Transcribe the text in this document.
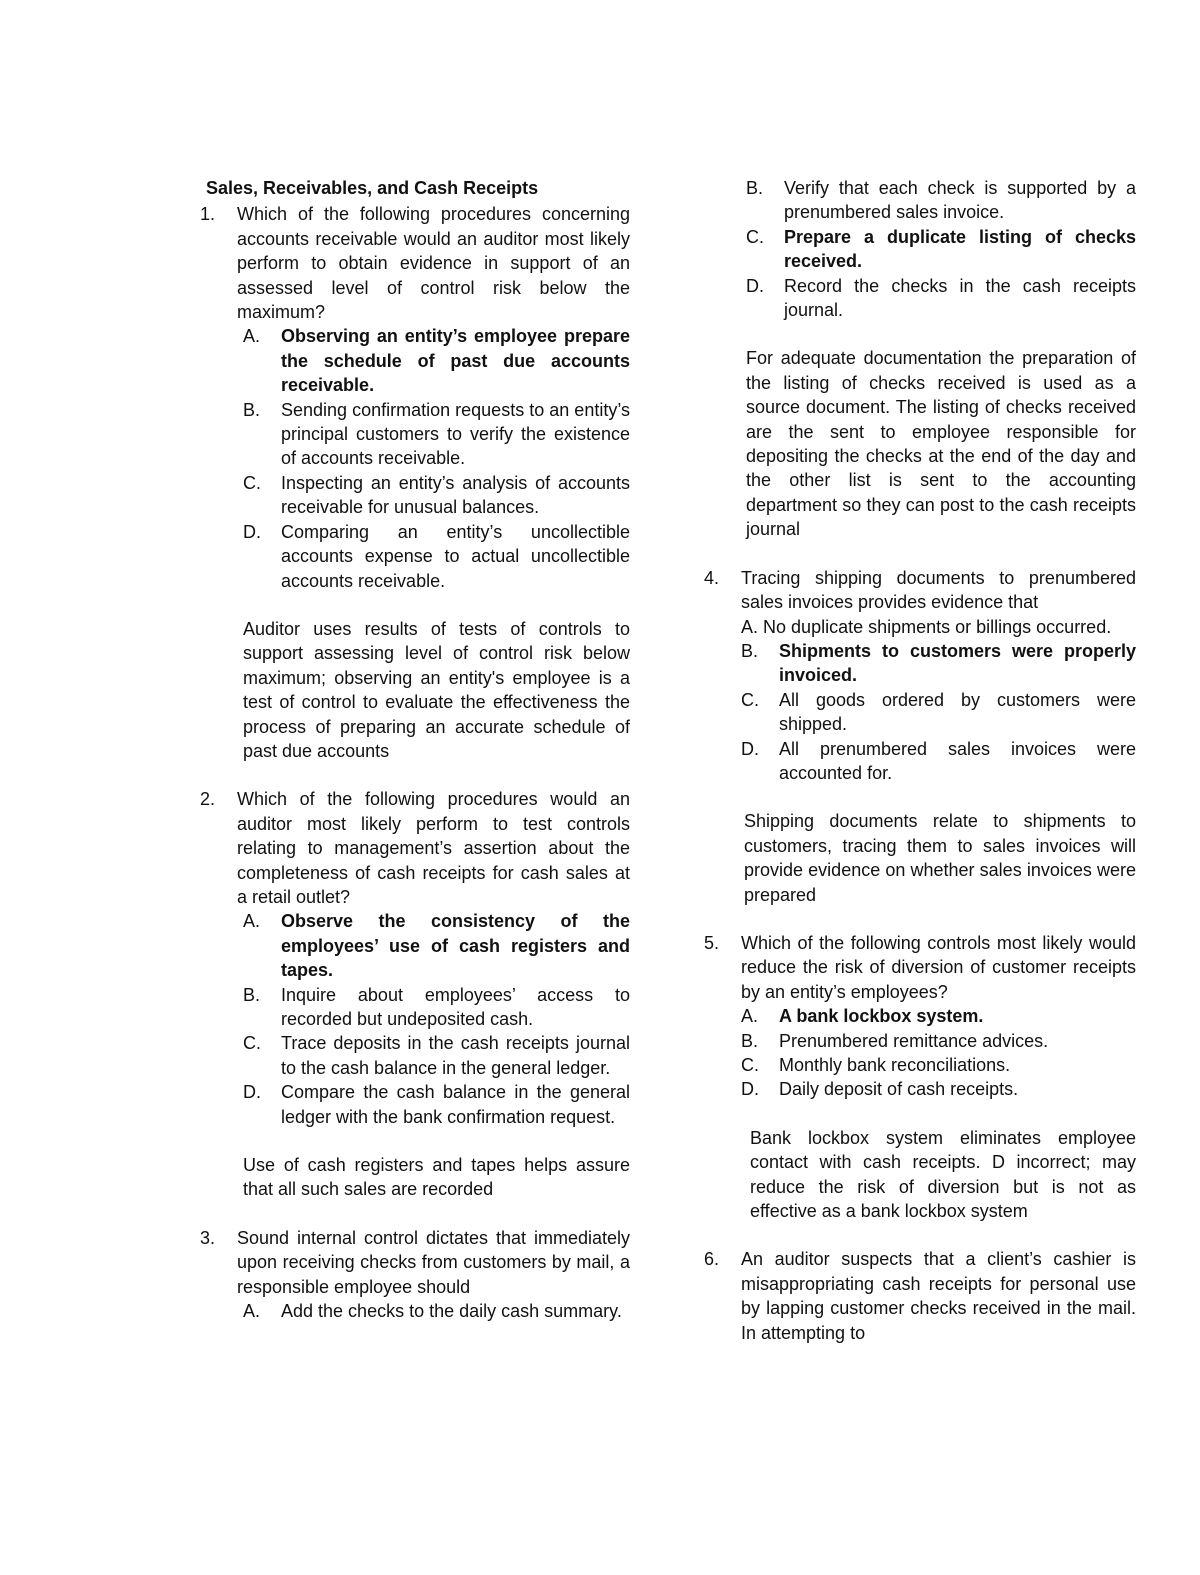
Sales, Receivables, and Cash Receipts
1.	Which of the following procedures concerning accounts receivable would an auditor most likely perform to obtain evidence in support of an assessed level of control risk below the maximum?

A.	Observing an entity’s employee prepare the schedule of past due accounts receivable.
B.	Sending confirmation requests to an entity’s principal customers to verify the existence of accounts receivable.
C.	Inspecting an entity’s analysis of accounts receivable for unusual balances.
D.	Comparing an entity’s uncollectible accounts expense to actual uncollectible accounts receivable.

Auditor uses results of tests of controls to support assessing level of control risk below maximum; observing an entity's employee is a test of control to evaluate the effectiveness the process of preparing an accurate schedule of past due accounts

2.	Which of the following procedures would an auditor most likely perform to test controls relating to management’s assertion about the completeness of cash receipts for cash sales at a retail outlet?

A.	Observe the consistency of the employees’ use of cash registers and tapes.
B.	Inquire about employees’ access to recorded but undeposited cash.
C.	Trace deposits in the cash receipts journal to the cash balance in the general ledger.
D.	Compare the cash balance in the general ledger with the bank confirmation request.

Use of cash registers and tapes helps assure that all such sales are recorded

3.	Sound internal control dictates that immediately upon receiving checks from customers by mail, a responsible employee should

A.	Add the checks to the daily cash summary.
B.	Verify that each check is supported by a prenumbered sales invoice.
C.	Prepare a duplicate listing of checks received.
D.	Record the checks in the cash receipts journal.

For adequate documentation the preparation of the listing of checks received is used as a source document. The listing of checks received are the sent to employee responsible for depositing the checks at the end of the day and the other list is sent to the accounting department so they can post to the cash receipts journal

4.	Tracing shipping documents to prenumbered sales invoices provides evidence that

A. No duplicate shipments or billings occurred.
B.	Shipments to customers were properly invoiced.
C.	All goods ordered by customers were shipped.
D.	All prenumbered sales invoices were accounted for.

Shipping documents relate to shipments to customers, tracing them to sales invoices will provide evidence on whether sales invoices were prepared

5.	Which of the following controls most likely would reduce the risk of diversion of customer receipts by an entity’s employees?

A.	A bank lockbox system.
B.	Prenumbered remittance advices.
C.	Monthly bank reconciliations.
D.	Daily deposit of cash receipts.

Bank lockbox system eliminates employee contact with cash receipts. D incorrect; may reduce the risk of diversion but is not as effective as a bank lockbox system

6.	An auditor suspects that a client’s cashier is misappropriating cash receipts for personal use by lapping customer checks received in the mail. In attempting to
